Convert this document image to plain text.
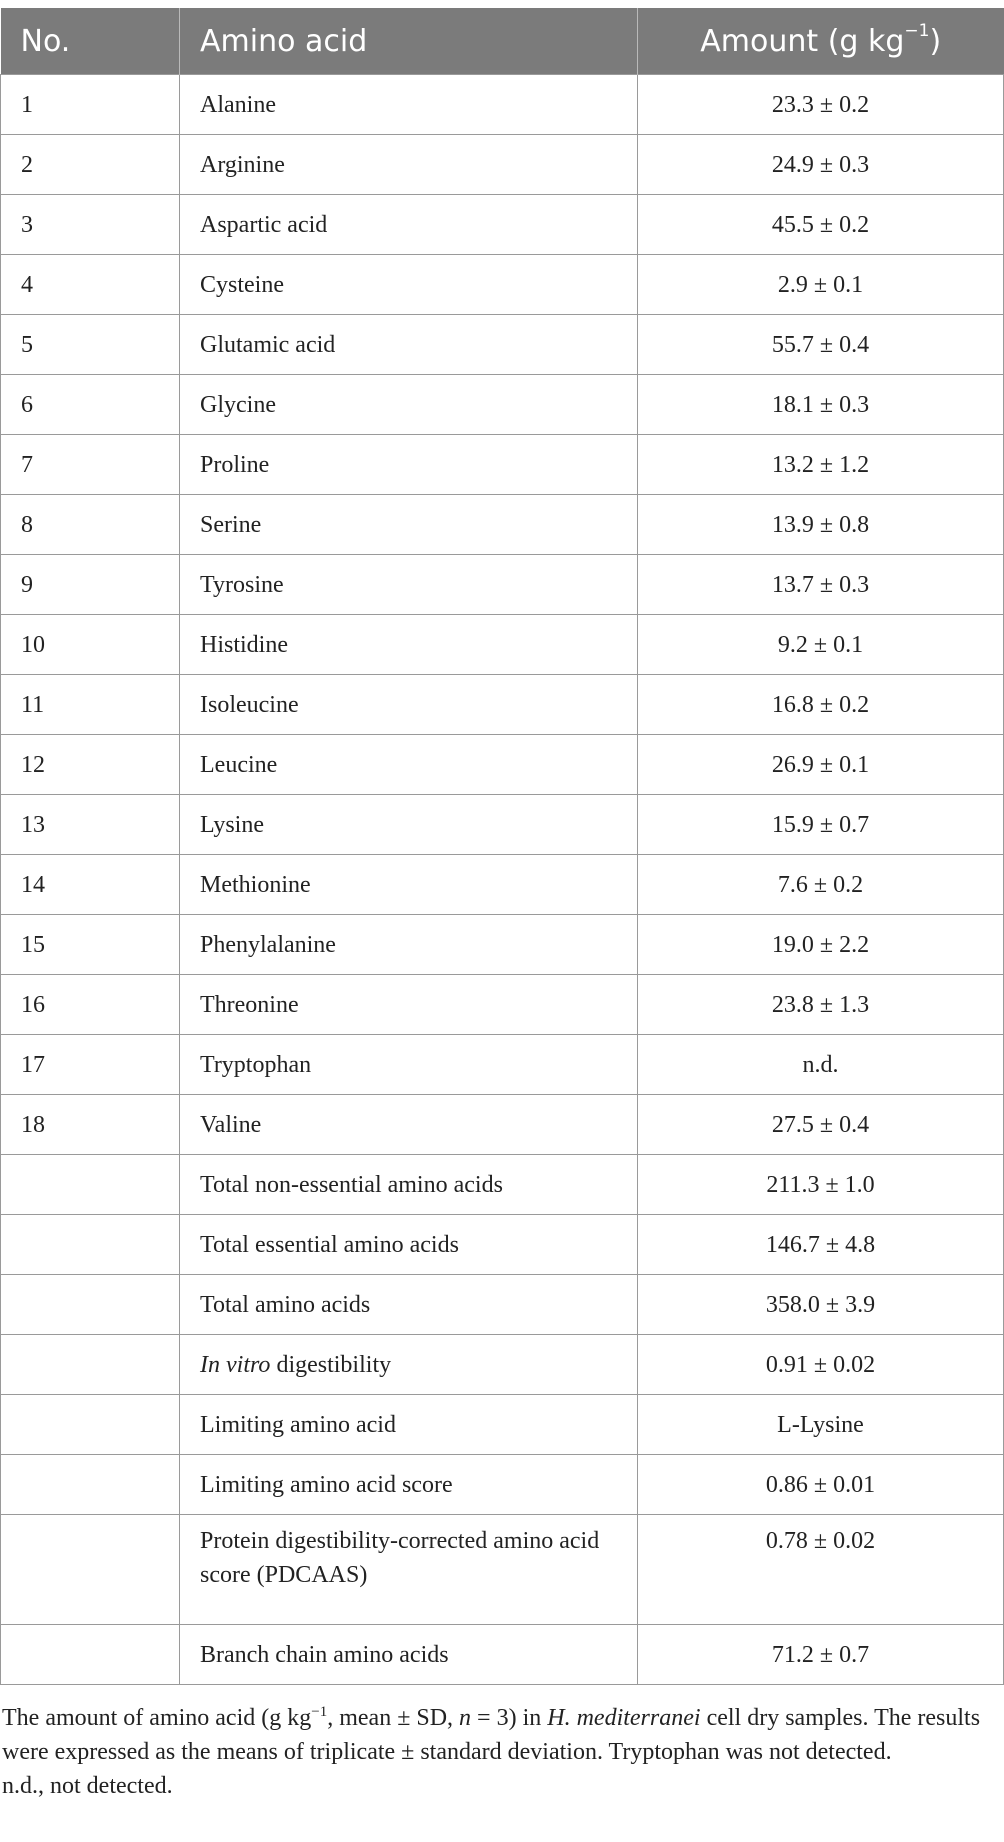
No.	Amino acid	Amount (g $kg^{-1}$)
1	Alanine	23.3 ± 0.2
2	Arginine	24.9 ± 0.3
3	Aspartic acid	45.5 ± 0.2
4	Cysteine	2.9 ± 0.1
5	Glutamic acid	55.7 ± 0.4
6	Glycine	18.1 ± 0.3
7	Proline	13.2 ± 1.2
8	Serine	13.9 ± 0.8
9	Tyrosine	13.7 ± 0.3
10	Histidine	9.2 ± 0.1
11	Isoleucine	16.8 ± 0.2
12	Leucine	26.9 ± 0.1
13	Lysine	15.9 ± 0.7
14	Methionine	7.6 ± 0.2
15	Phenylalanine	19.0 ± 2.2
16	Threonine	23.8 ± 1.3
17	Tryptophan	n.d.
18	Valine	27.5 ± 0.4
	Total non-essential amino acids	211.3 ± 1.0
	Total essential amino acids	146.7 ± 4.8
	Total amino acids	358.0 ± 3.9
	In vitro digestibility	0.91 ± 0.02
	Limiting amino acid	L-Lysine
	Limiting amino acid score	0.86 ± 0.01
	Protein digestibility-corrected amino acid score (PDCAAS)	0.78 ± 0.02
	Branch chain amino acids	71.2 ± 0.7
The amount of amino acid (g $kg^{-1}$, mean ± SD, n = 3) in H. mediterranei cell dry samples. The results were expressed as the means of triplicate ± standard deviation. Tryptophan was not detected.
n.d., not detected.
